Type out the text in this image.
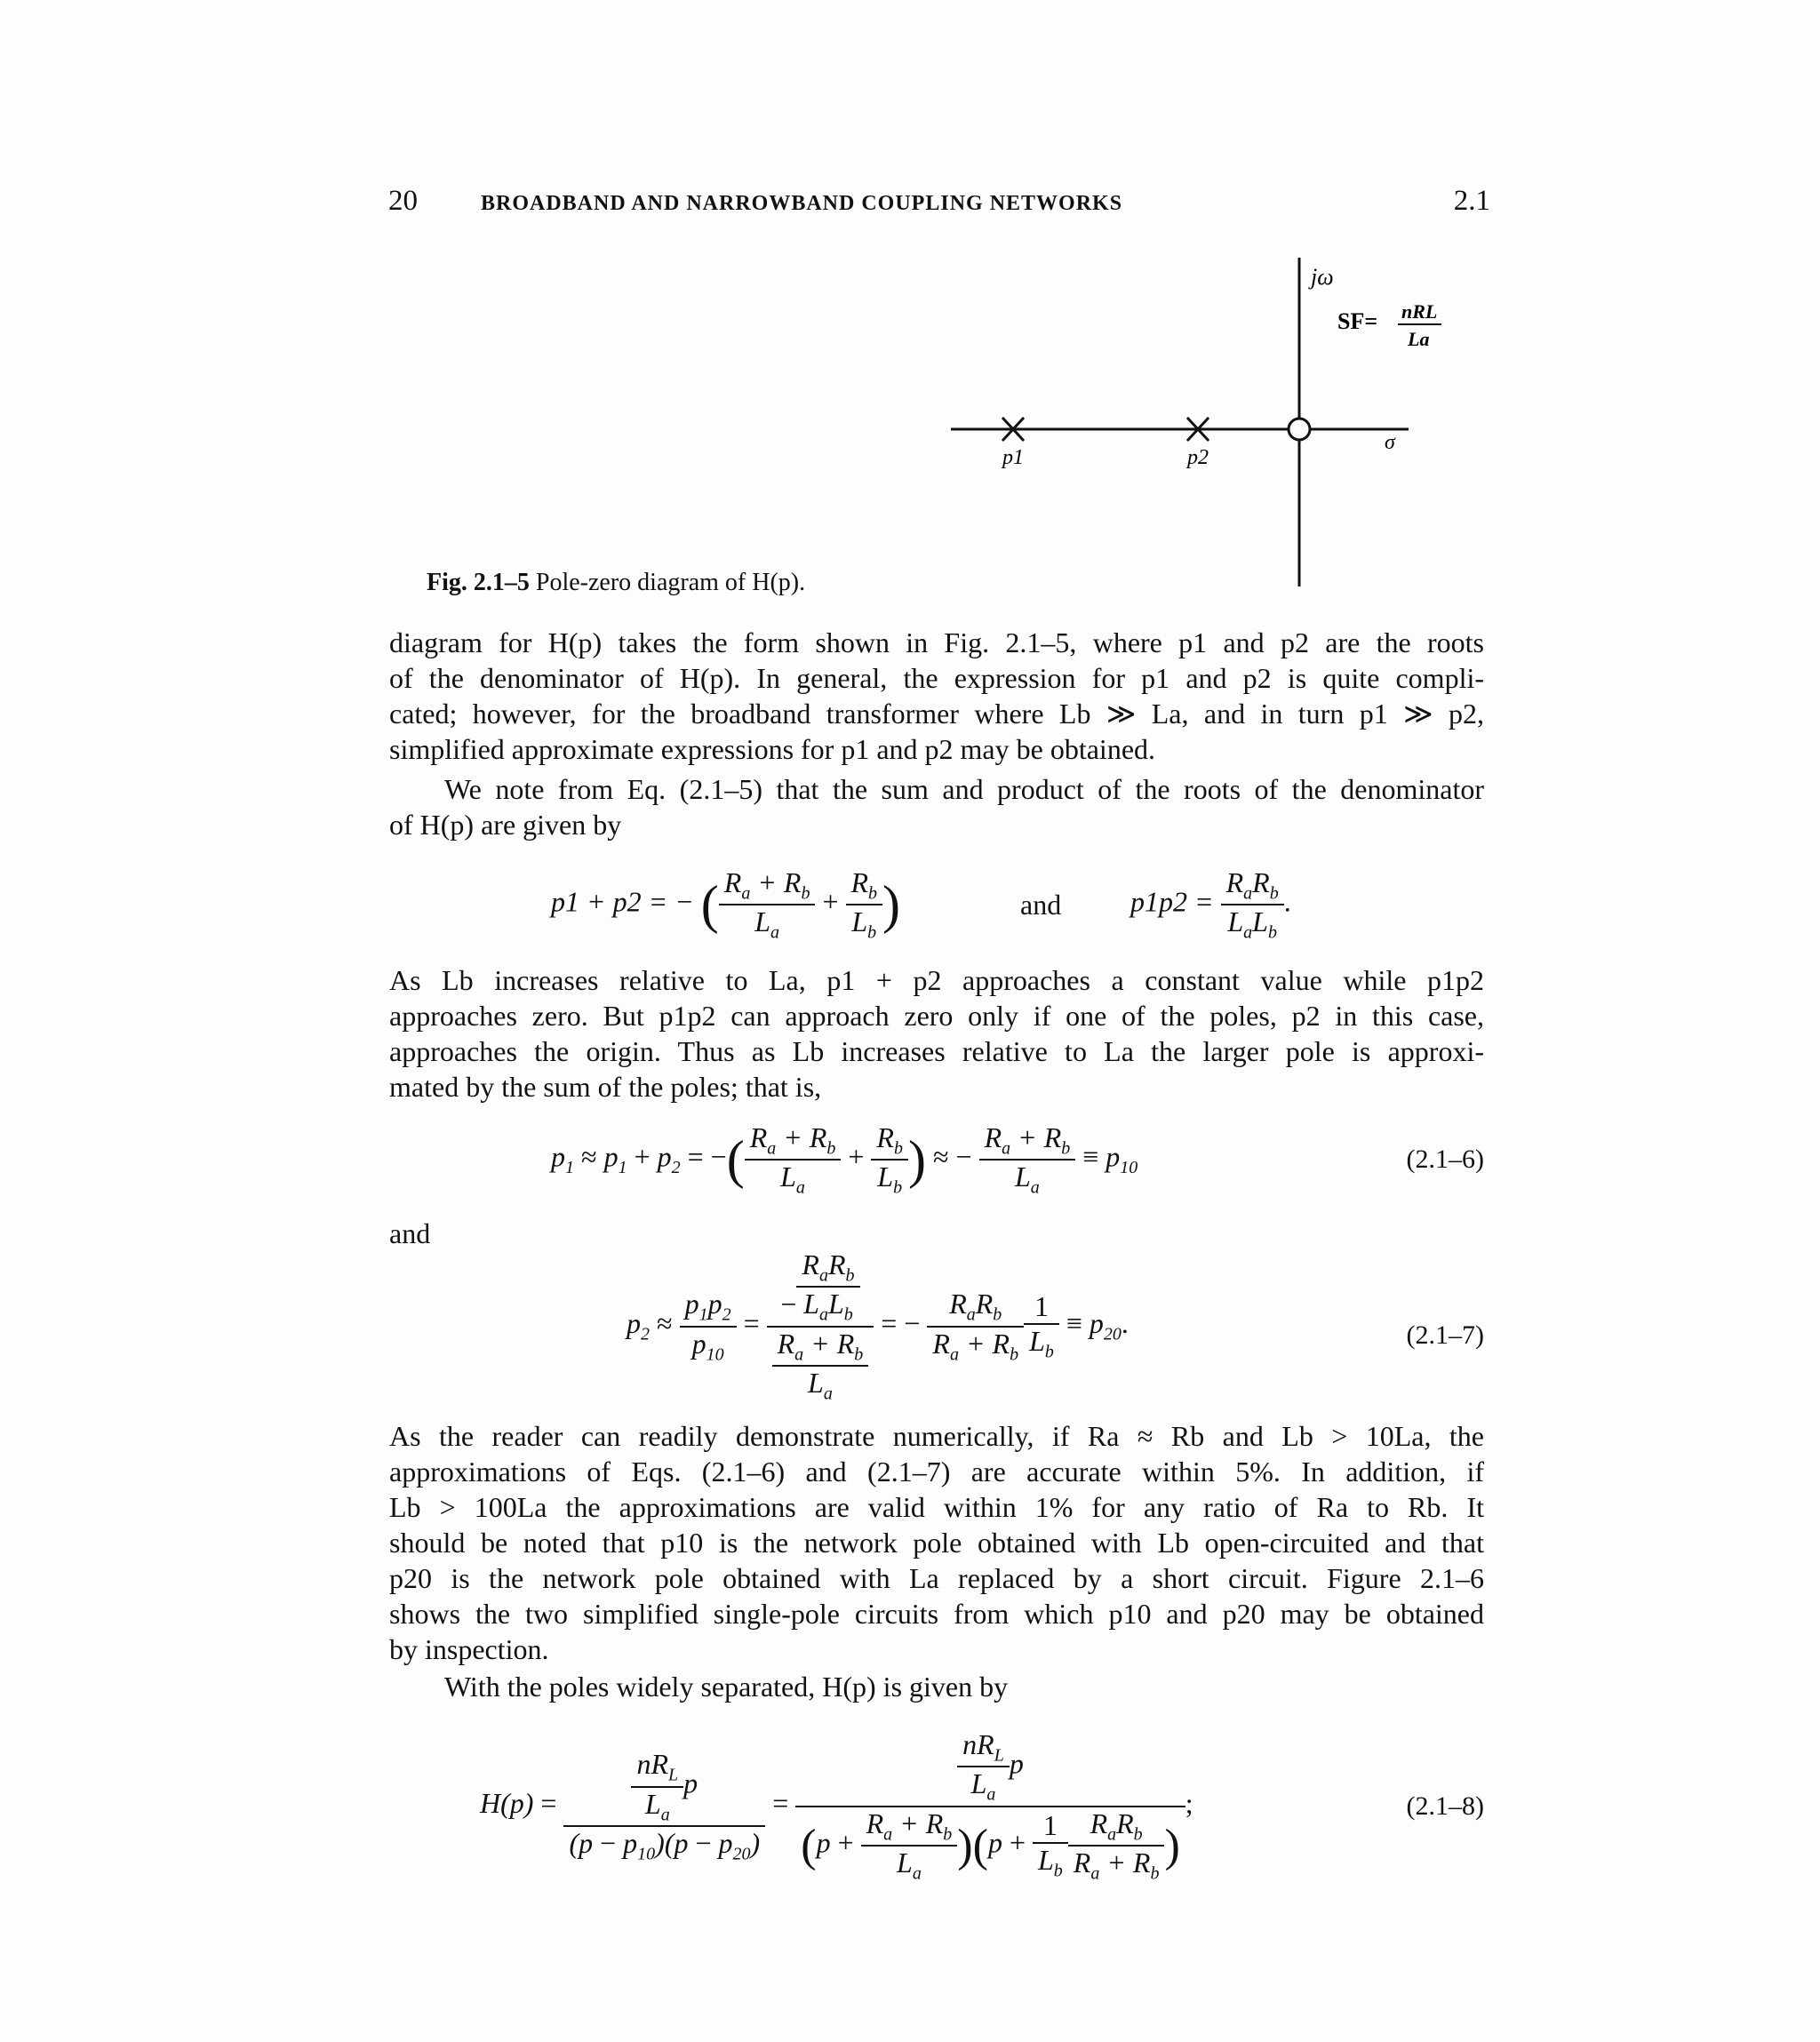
20	BROADBAND AND NARROWBAND COUPLING NETWORKS	2.1
jω
σ
SF= nRL
La
p1	p2
Fig. 2.1–5 Pole-zero diagram of H(p).
diagram for H(p) takes the form shown in Fig. 2.1–5, where p1 and p2 are the roots
of the denominator of H(p). In general, the expression for p1 and p2 is quite compli-
cated; however, for the broadband transformer where Lb ≫ La, and in turn p1 ≫ p2,
simplified approximate expressions for p1 and p2 may be obtained.
We note from Eq. (2.1–5) that the sum and product of the roots of the denominator
of H(p) are given by
p1 + p2 = − ( $\frac{R_a + R_b}{L_a} + \frac{R_b}{L_b}$ )	and $p1p2 = \frac{R_aR_b}{L_aL_b}$ .
As Lb increases relative to La, p1 + p2 approaches a constant value while p1p2
approaches zero. But p1p2 can approach zero only if one of the poles, p2 in this case,
approaches the origin. Thus as Lb increases relative to La the larger pole is approxi-
mated by the sum of the poles; that is,
$p_1 \approx p_1 + p_2$ = −( $\frac{R_a + R_b}{L_a} + \frac{R_b}{L_b}$ ) ≈ − $\frac{R_a + R_b}{L_a} \equiv p_{10}$	(2.1–6)
and
$p_2 \approx \frac{p_1p_2}{p_{10}} = \frac{- \frac{R_aR_b}{L_aL_b}}{\frac{R_a + R_b}{L_a}}$ = − $\frac{R_aR_b}{R_a + R_b} \frac{1}{L_b} \equiv p_{20}$.	(2.1–7)
As the reader can readily demonstrate numerically, if Ra ≈ Rb and Lb > 10La, the
approximations of Eqs. (2.1–6) and (2.1–7) are accurate within 5%. In addition, if
Lb > 100La the approximations are valid within 1% for any ratio of Ra to Rb. It
should be noted that p10 is the network pole obtained with Lb open-circuited and that
p20 is the network pole obtained with La replaced by a short circuit. Figure 2.1–6
shows the two simplified single-pole circuits from which p10 and p20 may be obtained
by inspection.
With the poles widely separated, H(p) is given by
$H(p) = \frac{\frac{nR_L}{L_a} p}{(p - p_{10})(p - p_{20})} = \frac{\frac{nR_L}{L_a} p}{(p + \frac{R_a + R_b}{L_a} )(p + \frac{1}{L_b} \frac{R_aR_b}{R_a + R_b} )}$ ;	(2.1–8)
